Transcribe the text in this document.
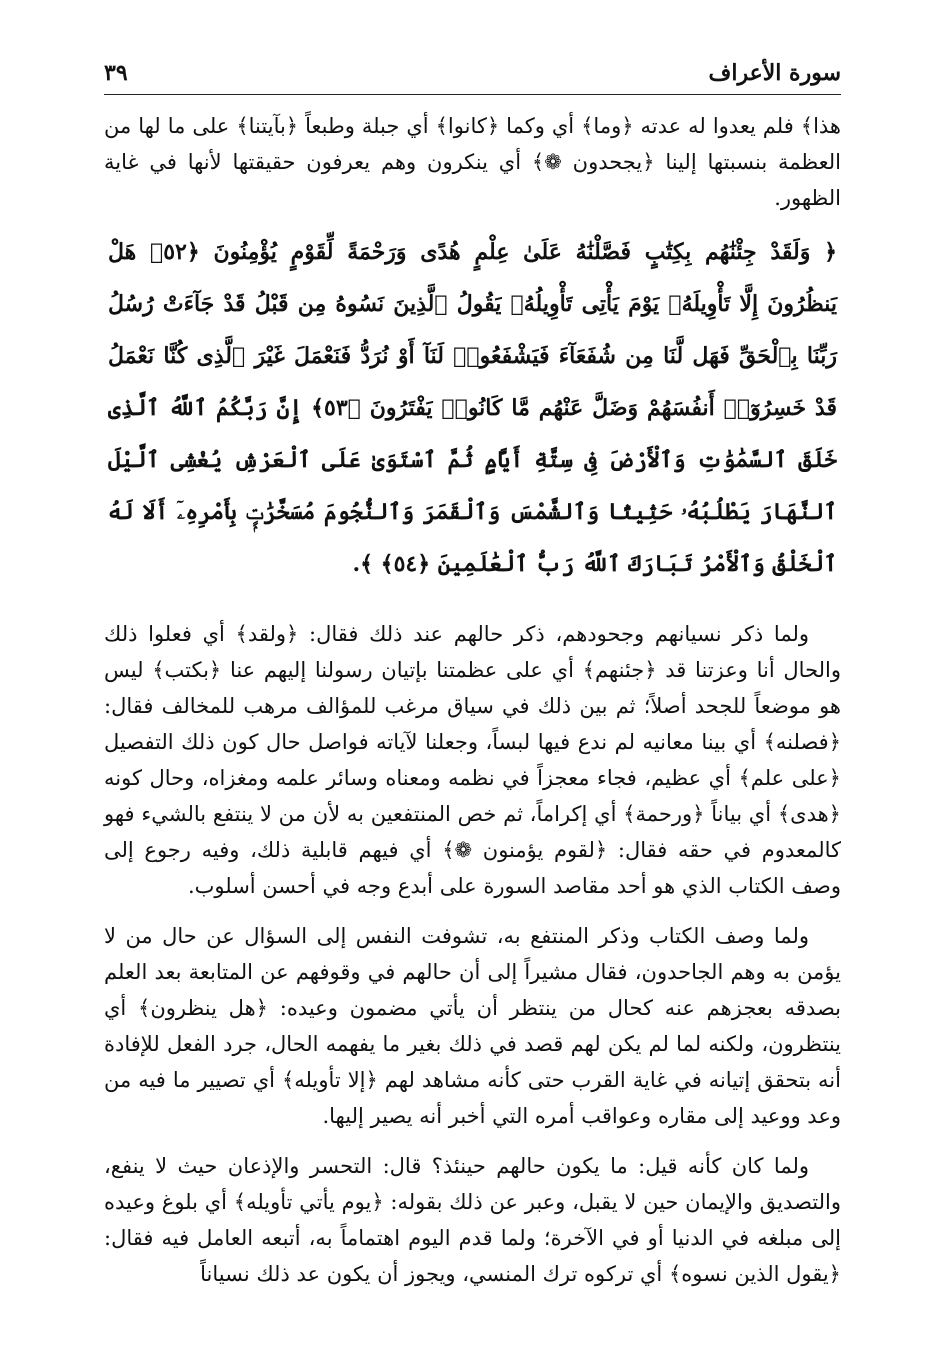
سورة الأعراف
٣٩

هذا﴾ فلم يعدوا له عدته ﴿وما﴾ أي وكما ﴿كانوا﴾ أي جبلة وطبعاً ﴿بآيتنا﴾ على ما لها من العظمة بنسبتها إلينا ﴿يجحدون ❁﴾ أي ينكرون وهم يعرفون حقيقتها لأنها في غاية الظهور.

﴿ وَلَقَدْ جِئْنَٰهُم بِكِتَٰبٍ فَصَّلْنَٰهُ عَلَىٰ عِلْمٍ هُدًى وَرَحْمَةً لِّقَوْمٍ يُؤْمِنُونَ ﴿٥٢﴾ هَلْ يَنظُرُونَ إِلَّا تَأْوِيلَهُۥ يَوْمَ يَأْتِى تَأْوِيلُهُۥ يَقُولُ ٱلَّذِينَ نَسُوهُ مِن قَبْلُ قَدْ جَآءَتْ رُسُلُ رَبِّنَا بِٱلْحَقِّ فَهَل لَّنَا مِن شُفَعَآءَ فَيَشْفَعُوا۟ لَنَآ أَوْ نُرَدُّ فَنَعْمَلَ غَيْرَ ٱلَّذِى كُنَّا نَعْمَلُ قَدْ خَسِرُوٓا۟ أَنفُسَهُمْ وَضَلَّ عَنْهُم مَّا كَانُوا۟ يَفْتَرُونَ ﴿٥٣﴾ إِنَّ رَبَّكُمُ ٱللَّهُ ٱلَّذِى خَلَقَ ٱلسَّمَٰوَٰتِ وَٱلْأَرْضَ فِى سِتَّةِ أَيَّامٍ ثُمَّ ٱسْتَوَىٰ عَلَى ٱلْعَرْشِ يُغْشِى ٱلَّيْلَ ٱلنَّهَارَ يَطْلُبُهُۥ حَثِيثًا وَٱلشَّمْسَ وَٱلْقَمَرَ وَٱلنُّجُومَ مُسَخَّرَٰتٍۭ بِأَمْرِهِۦٓ أَلَا لَهُ ٱلْخَلْقُ وَٱلْأَمْرُ تَبَارَكَ ٱللَّهُ رَبُّ ٱلْعَٰلَمِينَ ﴿٥٤﴾ ﴾.

ولما ذكر نسيانهم وجحودهم، ذكر حالهم عند ذلك فقال: ﴿ولقد﴾ أي فعلوا ذلك والحال أنا وعزتنا قد ﴿جئنهم﴾ أي على عظمتنا بإتيان رسولنا إليهم عنا ﴿بكتب﴾ ليس هو موضعاً للجحد أصلاً؛ ثم بين ذلك في سياق مرغب للمؤالف مرهب للمخالف فقال: ﴿فصلنه﴾ أي بينا معانيه لم ندع فيها لبساً، وجعلنا لآياته فواصل حال كون ذلك التفصيل ﴿على علم﴾ أي عظيم، فجاء معجزاً في نظمه ومعناه وسائر علمه ومغزاه، وحال كونه ﴿هدى﴾ أي بياناً ﴿ورحمة﴾ أي إكراماً، ثم خص المنتفعين به لأن من لا ينتفع بالشيء فهو كالمعدوم في حقه فقال: ﴿لقوم يؤمنون ❁﴾ أي فيهم قابلية ذلك، وفيه رجوع إلى وصف الكتاب الذي هو أحد مقاصد السورة على أبدع وجه في أحسن أسلوب.

ولما وصف الكتاب وذكر المنتفع به، تشوفت النفس إلى السؤال عن حال من لا يؤمن به وهم الجاحدون، فقال مشيراً إلى أن حالهم في وقوفهم عن المتابعة بعد العلم بصدقه بعجزهم عنه كحال من ينتظر أن يأتي مضمون وعيده: ﴿هل ينظرون﴾ أي ينتظرون، ولكنه لما لم يكن لهم قصد في ذلك بغير ما يفهمه الحال، جرد الفعل للإفادة أنه بتحقق إتيانه في غاية القرب حتى كأنه مشاهد لهم ﴿إلا تأويله﴾ أي تصيير ما فيه من وعد ووعيد إلى مقاره وعواقب أمره التي أخبر أنه يصير إليها.

ولما كان كأنه قيل: ما يكون حالهم حينئذ؟ قال: التحسر والإذعان حيث لا ينفع، والتصديق والإيمان حين لا يقبل، وعبر عن ذلك بقوله: ﴿يوم يأتي تأويله﴾ أي بلوغ وعيده إلى مبلغه في الدنيا أو في الآخرة؛ ولما قدم اليوم اهتماماً به، أتبعه العامل فيه فقال: ﴿يقول الذين نسوه﴾ أي تركوه ترك المنسي، ويجوز أن يكون عد ذلك نسياناً
